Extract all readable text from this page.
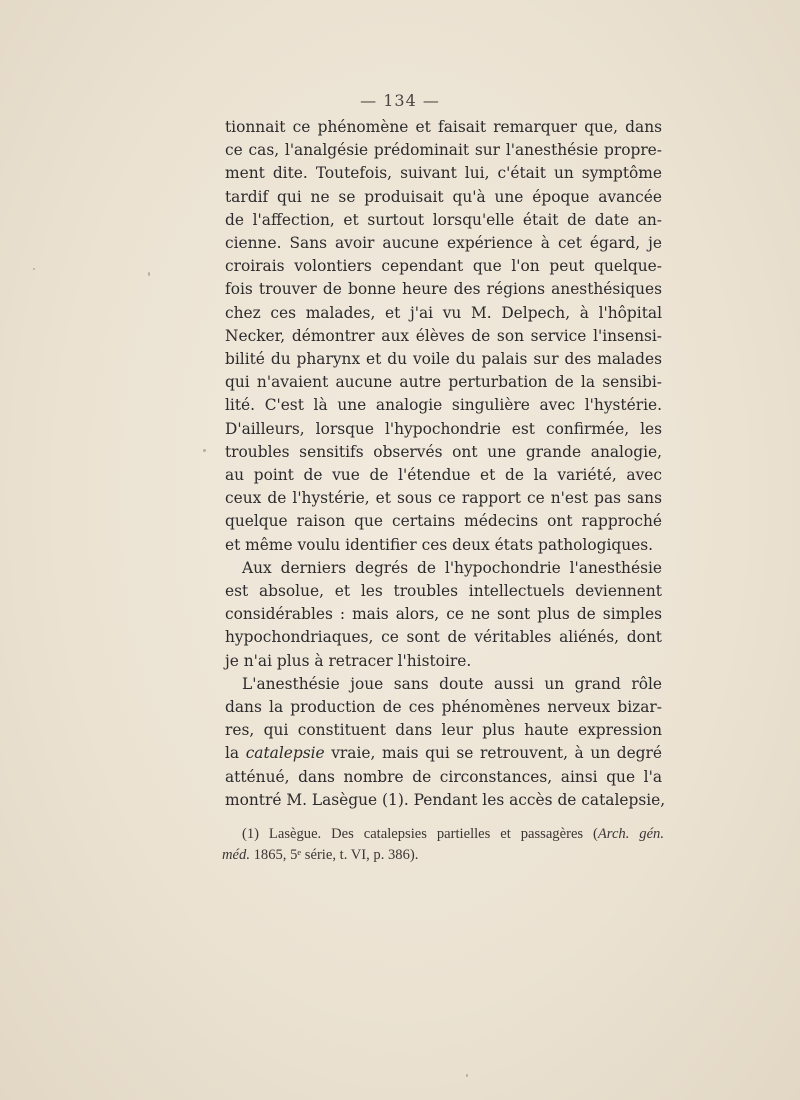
— 134 —
tionnait ce phénomène et faisait remarquer que, dans
ce cas, l'analgésie prédominait sur l'anesthésie propre-
ment dite. Toutefois, suivant lui, c'était un symptôme
tardif qui ne se produisait qu'à une époque avancée
de l'affection, et surtout lorsqu'elle était de date an-
cienne. Sans avoir aucune expérience à cet égard, je
croirais volontiers cependant que l'on peut quelque-
fois trouver de bonne heure des régions anesthésiques
chez ces malades, et j'ai vu M. Delpech, à l'hôpital
Necker, démontrer aux élèves de son service l'insensi-
bilité du pharynx et du voile du palais sur des malades
qui n'avaient aucune autre perturbation de la sensibi-
lité. C'est là une analogie singulière avec l'hystérie.
D'ailleurs, lorsque l'hypochondrie est confirmée, les
troubles sensitifs observés ont une grande analogie,
au point de vue de l'étendue et de la variété, avec
ceux de l'hystérie, et sous ce rapport ce n'est pas sans
quelque raison que certains médecins ont rapproché
et même voulu identifier ces deux états pathologiques.
Aux derniers degrés de l'hypochondrie l'anesthésie
est absolue, et les troubles intellectuels deviennent
considérables : mais alors, ce ne sont plus de simples
hypochondriaques, ce sont de véritables aliénés, dont
je n'ai plus à retracer l'histoire.
L'anesthésie joue sans doute aussi un grand rôle
dans la production de ces phénomènes nerveux bizar-
res, qui constituent dans leur plus haute expression
la catalepsie vraie, mais qui se retrouvent, à un degré
atténué, dans nombre de circonstances, ainsi que l'a
montré M. Lasègue (1). Pendant les accès de catalepsie,
(1) Lasègue. Des catalepsies partielles et passagères (Arch. gén.
méd. 1865, 5ᵉ série, t. VI, p. 386).
